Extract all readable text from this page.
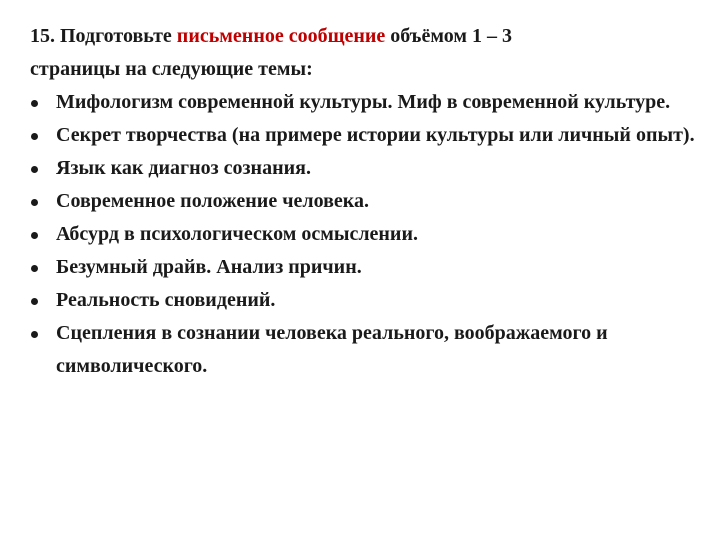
15. Подготовьте письменное сообщение объёмом 1 – 3
страницы на следующие темы:
Мифологизм современной культуры. Миф в современной культуре.
Секрет творчества (на примере истории культуры или личный опыт).
Язык как диагноз сознания.
Современное положение человека.
Абсурд в психологическом осмыслении.
Безумный драйв. Анализ причин.
Реальность сновидений.
Сцепления в сознании человека реального, воображаемого и символического.
